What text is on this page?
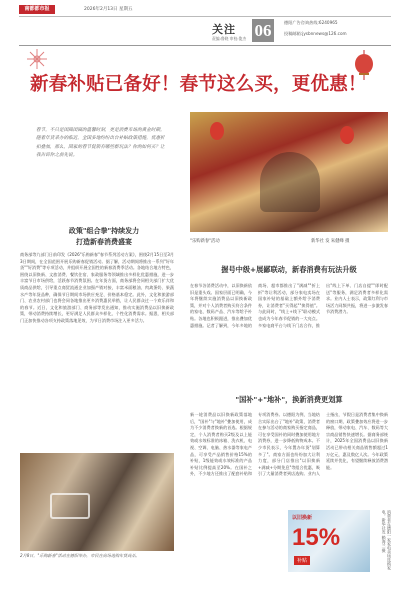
南都都市报	2026年2月13日 星期五
关注
责编:鲁晓 审校:俊杰 06	德阳广告咨询热线:6240965
投稿邮箱:jysbnnews@126.com
新春补贴已备好！春节这么买，更优惠！
春节，不只是团圆团圆的温馨时刻，更是消费市场的黄金时期。随着年货采办的临近，全国多地纷纷出台补贴政策措施，优惠折扣叠加，那么，国家的春节促销有哪些新玩法？你的如何买？让我告诉你之前先说。
"乐购新春"活动	新华社 发 朱健峰 摄
政策"组合拳"持续发力
打造新春消费盛宴
商务部等九部门日前印发《2026"乐购新春"春节系列活动方案》，围绕2月15日至3月3日期间，在全国范围开展乐购新春促销活动。据了解，活动期间将推出一系列"好年货""好消费"等专项活动，并组织开展全国性的新春消费季活动。各地结合地方特色，围绕以旧换新、文旅消费、餐饮住宿、家政服务等领域推出多样化优惠措施，进一步丰富节日市场供给，活跃春节消费氛围。在年货方面，商务部将会同相关部门扩大优质商品供给，引导重点商贸流通企业加强产销对接，丰富米面粮油、肉禽蛋奶、果蔬水产等年货品种，确保节日期间市场供应充足、价格基本稳定。此外，文化和旅游部门、农业农村部门也将会同各地推出更多消费惠民举措，让人民群众过一个欢乐祥和的春节。近日，文化和旅游部门、商务部等发出通知，推动实施消费品以旧换新政策，带动消费持续增长，更好满足人民群众多样化、个性化消费需求。据悉，相关部门正加快推动各项支持政策落地见效，为节日消费市场注入更多活力。
2月8日，"乐购新春"活动在德阳举办，市民在商场选购年货商品。
握号中级+展鄙联动，新春消费有玩法升级
在春节各消费活动中，以旧换新依旧是重头戏。国家层面已明确，今年将继续实施消费品以旧换新政策，并对个人消费者购买符合条件的家电、数码产品、汽车等给予补贴。各地也积极跟进，推出叠加优惠措施。记者了解到，今年多地的商场、超市都推出了"满减""折上折"等让利活动，部分家电卖场在国家补贴的基础上额外给予消费券，让消费者"买得起""换得值"。与此同时，"线上+线下"联动模式也成为今年春节促销的一大亮点。多家电商平台与线下门店合作，推出"线上下单、门店自提""即时配送"等服务，满足消费者多样化需求。业内人士表示，政策红利与市场活力同频共振，将进一步激发春节消费潜力。
"国补"+"地补"，换新消费更划算
新一轮消费品以旧换新政策落地后，"国补"与"地补"叠加使用，成为不少消费者换新的首选。根据规定，个人消费者购买2级及以上能效或水效标准的冰箱、洗衣机、电视、空调、电脑、热水器等家电产品，可享受产品销售价格15%的补贴，1级能效或水效标准的产品补贴比例提高至20%。在国补之外，不少地方还推出了配套补贴和专项消费券。以德阳为例，当地结合实际出台了"地补"政策，消费者在参与活动的商家购买指定商品，可在享受国补的同时叠加使用地方消费券，进一步降低购物成本。不少市民表示，今年置办年货"划算多了"。商家方面也纷纷加大让利力度，部分门店推出"以旧换新+满减+分期免息"等组合优惠，吸引了大量消费者到店选购。业内人士指出，节假日是消费者集中换新的窗口期，政策叠加效应将进一步释放，带动家电、汽车、数码等大宗商品销售快速增长。据商务部统计，2025年全国消费品以旧换新活动已带动相关商品销售额超过1万亿元，惠及数亿人次。今年政策延续并优化，有望继续释放消费潜能。
以旧换新
15%
补贴	消费者在德阳一家家电卖场选购家电。新华社发 赖海兰 摄
